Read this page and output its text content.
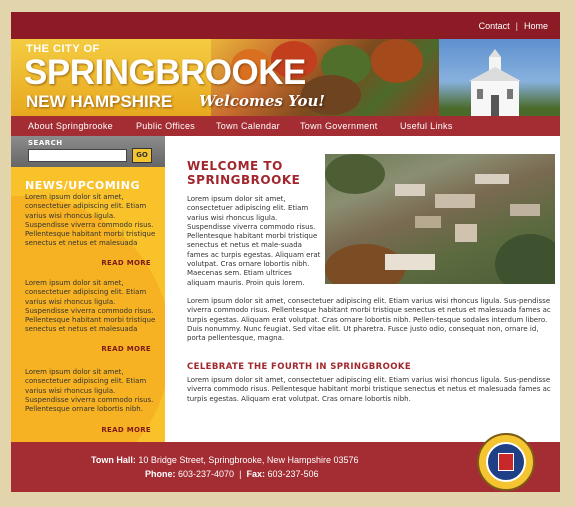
Contact | Home
THE CITY OF
SPRINGBROOKE
NEW HAMPSHIRE Welcomes You!
About Springbrooke	Public Offices Town Calendar Town Government Useful Links
SEARCH
GO
NEWS/UPCOMING
Lorem ipsum dolor sit amet, consectetuer adipiscing elit. Etiam varius wisi rhoncus ligula. Suspendisse viverra commodo risus. Pellentesque habitant morbi tristique senectus et netus et malesuada
READ MORE
Lorem ipsum dolor sit amet, consectetuer adipiscing elit. Etiam varius wisi rhoncus ligula. Suspendisse viverra commodo risus. Pellentesque habitant morbi tristique senectus et netus et malesuada
READ MORE
Lorem ipsum dolor sit amet, consectetuer adipiscing elit. Etiam varius wisi rhoncus ligula. Suspendisse viverra commodo risus. Pellentesque ornare lobortis nibh.
READ MORE
WELCOME TO SPRINGBROOKE
Lorem ipsum dolor sit amet, consectetuer adipiscing elit. Etiam varius wisi rhoncus ligula. Suspendisse viverra commodo risus. Pellentesque habitant morbi tristique senectus et netus et male-suada fames ac turpis egestas. Aliquam erat volutpat. Cras ornare lobortis nibh. Maecenas sem. Etiam ultrices aliquam mauris. Proin quis lorem.
Lorem ipsum dolor sit amet, consectetuer adipiscing elit. Etiam varius wisi rhoncus ligula. Sus-pendisse viverra commodo risus. Pellentesque habitant morbi tristique senectus et netus et malesuada fames ac turpis egestas. Aliquam erat volutpat. Cras ornare lobortis nibh. Pellen-tesque sodales interdum libero. Duis nonummy. Nunc feugiat. Sed vitae elit. Ut pharetra. Fusce justo odio, consequat non, ornare id, porta pellentesque, magna.
CELEBRATE THE FOURTH IN SPRINGBROOKE
Lorem ipsum dolor sit amet, consectetuer adipiscing elit. Etiam varius wisi rhoncus ligula. Sus-pendisse viverra commodo risus. Pellentesque habitant morbi tristique senectus et netus et malesuada fames ac turpis egestas. Aliquam erat volutpat. Cras ornare lobortis nibh.
Town Hall: 10 Bridge Street, Springbrooke, New Hampshire 03576
Phone: 603-237-4070 | Fax: 603-237-506
